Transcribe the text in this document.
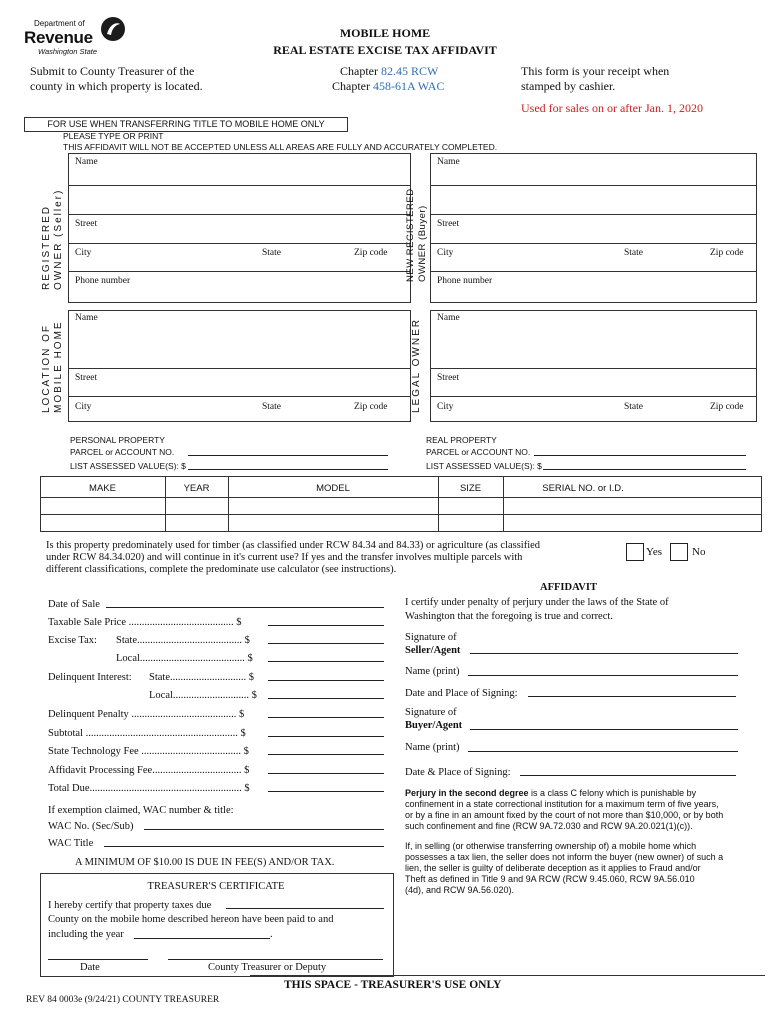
Department of
Revenue
Washington State
MOBILE HOME
REAL ESTATE EXCISE TAX AFFIDAVIT
Submit to County Treasurer of the
county in which property is located.
Chapter 82.45 RCW
Chapter 458-61A WAC
This form is your receipt when
stamped by cashier.
Used for sales on or after Jan. 1, 2020
FOR USE WHEN TRANSFERRING TITLE TO MOBILE HOME ONLY
PLEASE TYPE OR PRINT
THIS AFFIDAVIT WILL NOT BE ACCEPTED UNLESS ALL AREAS ARE FULLY AND ACCURATELY COMPLETED.
REGISTERED OWNER (Seller)	NEW REGISTERED OWNER (Buyer)
Name
Street
City	State	Zip code
Phone number
Name
Street
City	State	Zip code
Phone number
LOCATION OF MOBILE HOME	LEGAL OWNER
Name
Street
City	State	Zip code
Name
Street
City	State	Zip code
PERSONAL PROPERTY
PARCEL or ACCOUNT NO.
LIST ASSESSED VALUE(S): $
REAL PROPERTY
PARCEL or ACCOUNT NO.
LIST ASSESSED VALUE(S): $
MAKE	YEAR	MODEL	SIZE	SERIAL NO. or I.D.
Is this property predominately used for timber (as classified under RCW 84.34 and 84.33) or agriculture (as classified
under RCW 84.34.020) and will continue in it's current use? If yes and the transfer involves multiple parcels with
different classifications, complete the predominate use calculator (see instructions).
Yes	No
Date of Sale
Taxable Sale Price ........................................ $
Excise Tax: State........................................ $
Local........................................ $
Delinquent Interest: State............................. $
Local............................. $
Delinquent Penalty ........................................ $
Subtotal .......................................................... $
State Technology Fee ...................................... $
Affidavit Processing Fee.................................. $
Total Due.......................................................... $
If exemption claimed, WAC number & title:
WAC No. (Sec/Sub)
WAC Title
A MINIMUM OF $10.00 IS DUE IN FEE(S) AND/OR TAX.
TREASURER'S CERTIFICATE
I hereby certify that property taxes due
County on the mobile home described hereon have been paid to and
including the year	.
Date	County Treasurer or Deputy
AFFIDAVIT
I certify under penalty of perjury under the laws of the State of
Washington that the foregoing is true and correct.
Signature of
Seller/Agent
Name (print)
Date and Place of Signing:
Signature of
Buyer/Agent
Name (print)
Date & Place of Signing:
Perjury in the second degree is a class C felony which is punishable by
confinement in a state correctional institution for a maximum term of five years,
or by a fine in an amount fixed by the court of not more than $10,000, or by both
such confinement and fine (RCW 9A.72.030 and RCW 9A.20.021(1)(c)).
If, in selling (or otherwise transferring ownership of) a mobile home which
possesses a tax lien, the seller does not inform the buyer (new owner) of such a
lien, the seller is guilty of deliberate deception as it applies to Fraud and/or
Theft as defined in Title 9 and 9A RCW (RCW 9.45.060, RCW 9A.56.010
(4d), and RCW 9A.56.020).
THIS SPACE - TREASURER'S USE ONLY
REV 84 0003e (9/24/21) COUNTY TREASURER
